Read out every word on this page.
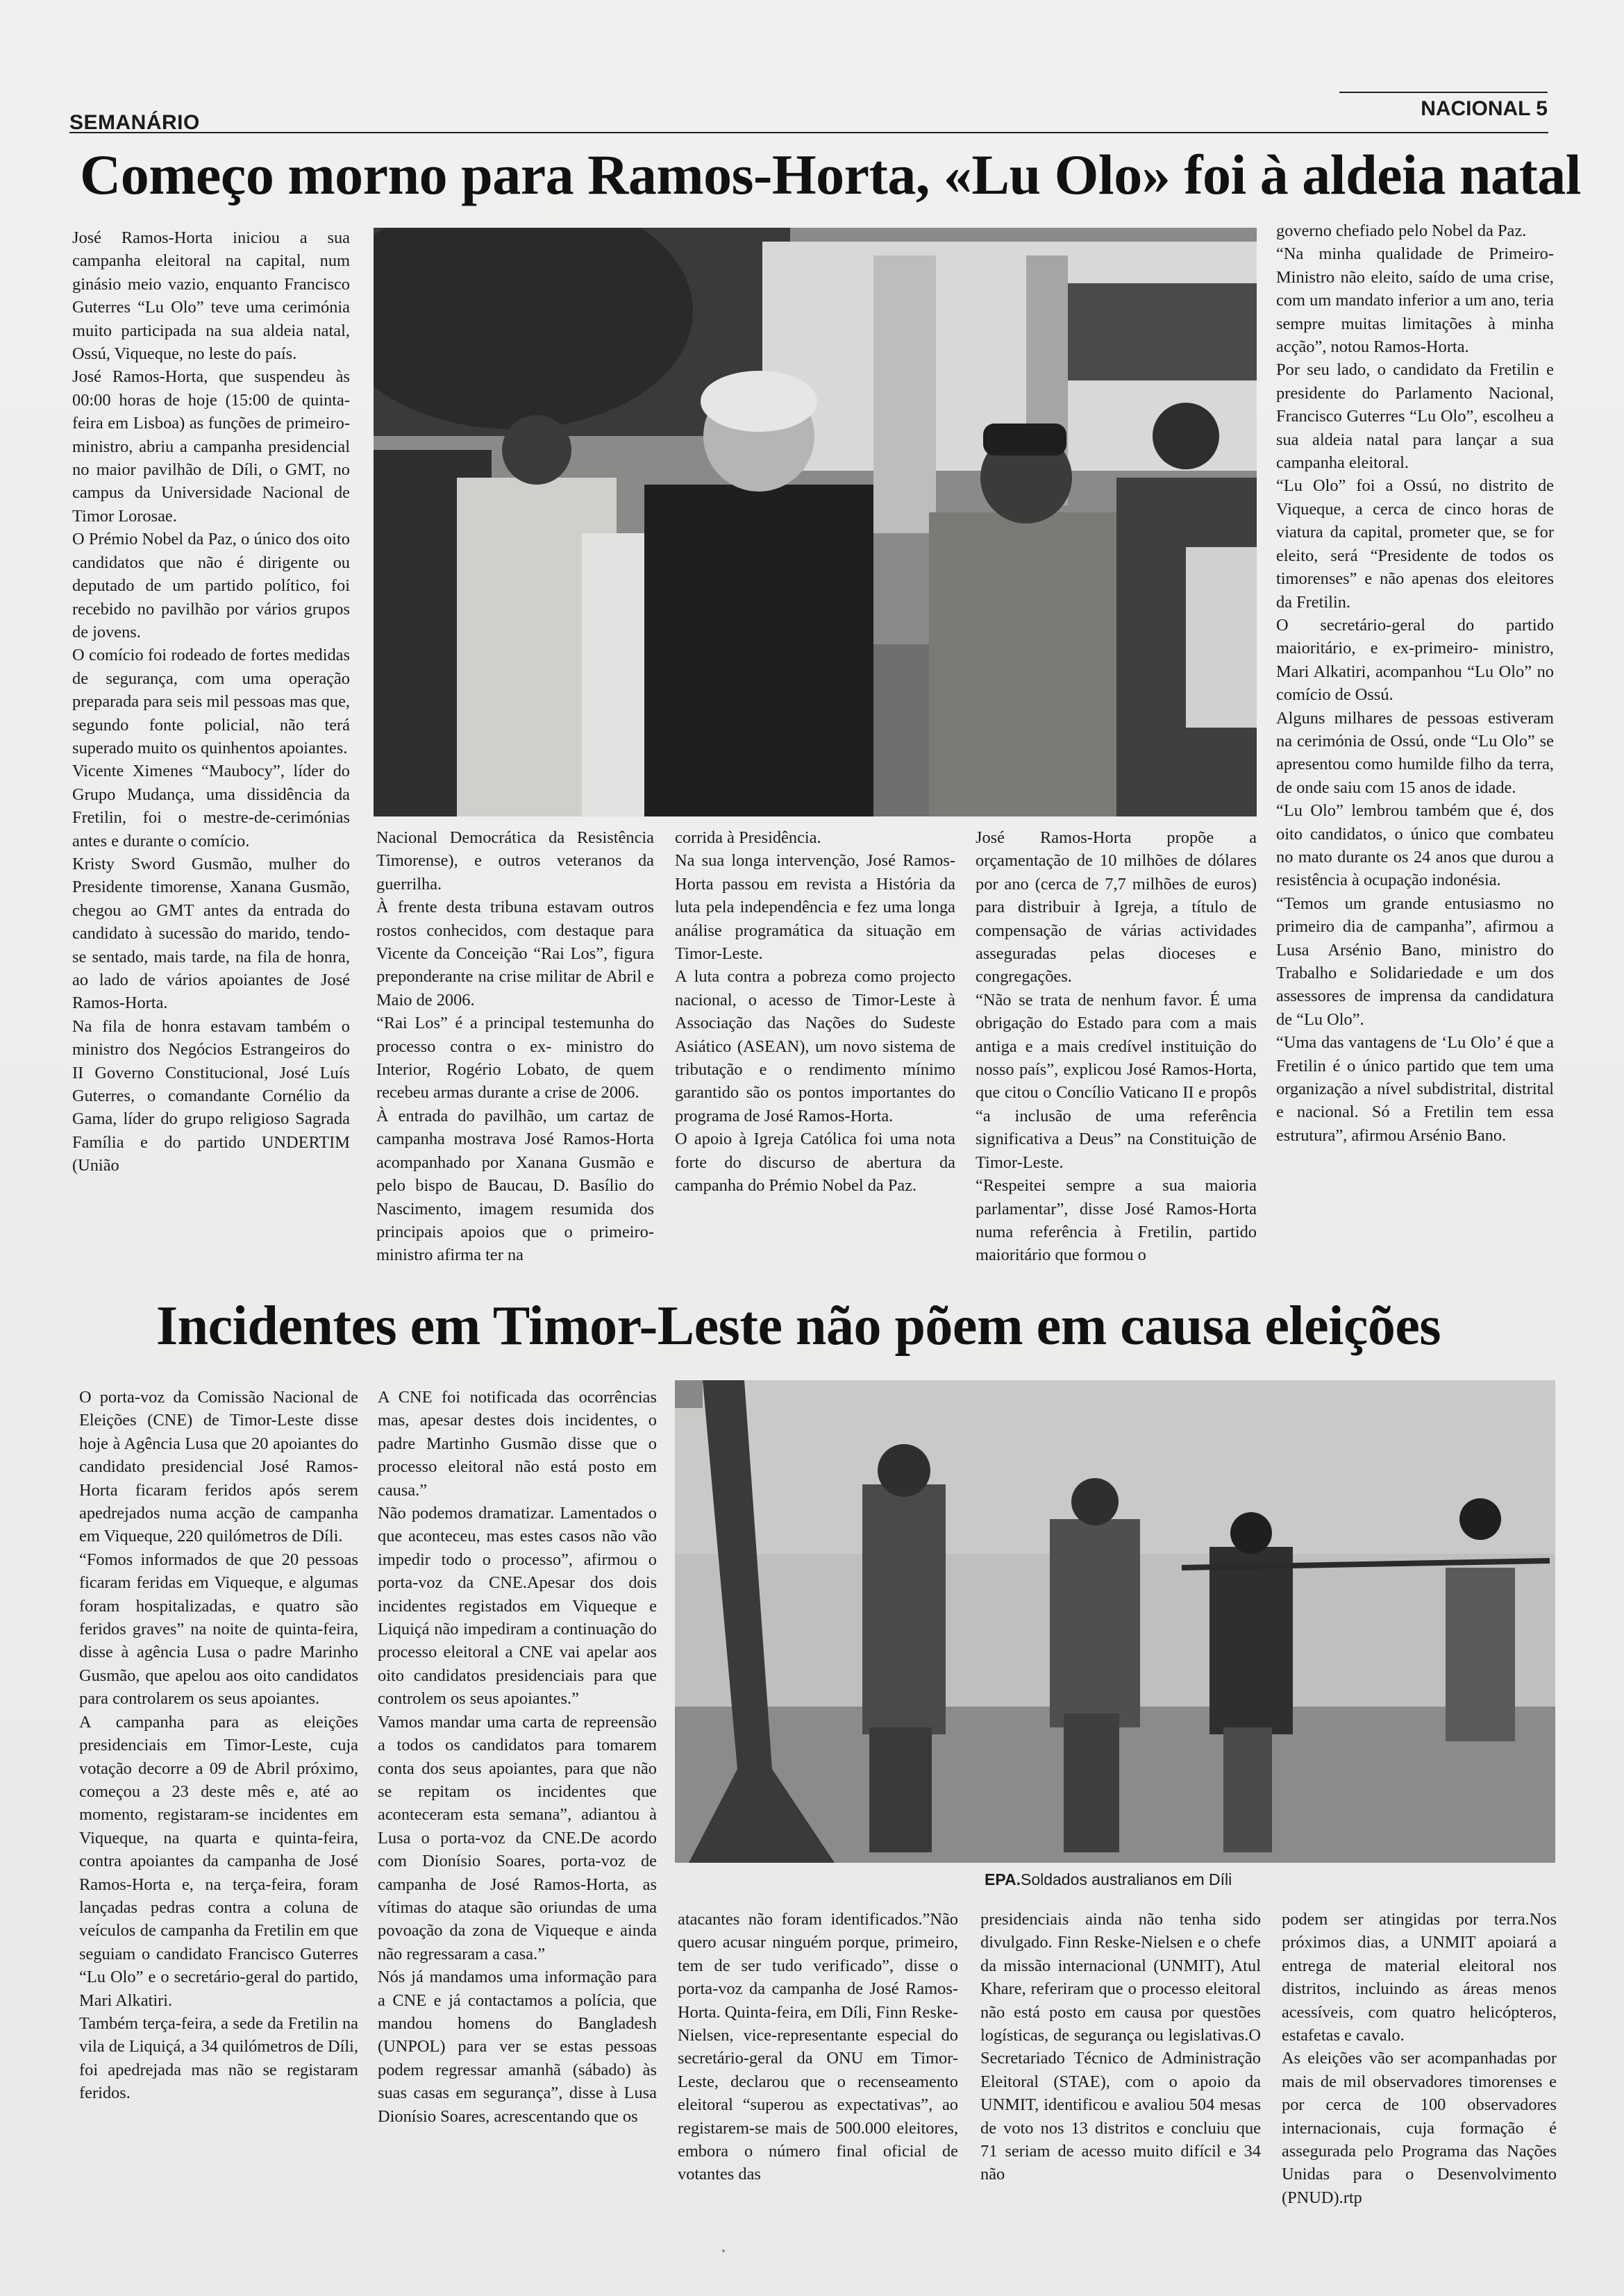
SEMANÁRIO
NACIONAL 5
Começo morno para Ramos-Horta, «Lu Olo» foi à aldeia natal

José Ramos-Horta iniciou a sua campanha eleitoral na capital, num ginásio meio vazio, enquanto Francisco Guterres “Lu Olo” teve uma cerimónia muito participada na sua aldeia natal, Ossú, Viqueque, no leste do país.

José Ramos-Horta, que suspendeu às 00:00 horas de hoje (15:00 de quinta-feira em Lisboa) as funções de primeiro-ministro, abriu a campanha presidencial no maior pavilhão de Díli, o GMT, no campus da Universidade Nacional de Timor Lorosae.

O Prémio Nobel da Paz, o único dos oito candidatos que não é dirigente ou deputado de um partido político, foi recebido no pavilhão por vários grupos de jovens.

O comício foi rodeado de fortes medidas de segurança, com uma operação preparada para seis mil pessoas mas que, segundo fonte policial, não terá superado muito os quinhentos apoiantes.

Vicente Ximenes “Maubocy”, líder do Grupo Mudança, uma dissidência da Fretilin, foi o mestre-de-cerimónias antes e durante o comício.

Kristy Sword Gusmão, mulher do Presidente timorense, Xanana Gusmão, chegou ao GMT antes da entrada do candidato à sucessão do marido, tendo-se sentado, mais tarde, na fila de honra, ao lado de vários apoiantes de José Ramos-Horta.

Na fila de honra estavam também o ministro dos Negócios Estrangeiros do II Governo Constitucional, José Luís Guterres, o comandante Cornélio da Gama, líder do grupo religioso Sagrada Família e do partido UNDERTIM (União

Nacional Democrática da Resistência Timorense), e outros veteranos da guerrilha.

À frente desta tribuna estavam outros rostos conhecidos, com destaque para Vicente da Conceição “Rai Los”, figura preponderante na crise militar de Abril e Maio de 2006.

“Rai Los” é a principal testemunha do processo contra o ex- ministro do Interior, Rogério Lobato, de quem recebeu armas durante a crise de 2006.

À entrada do pavilhão, um cartaz de campanha mostrava José Ramos-Horta acompanhado por Xanana Gusmão e pelo bispo de Baucau, D. Basílio do Nascimento, imagem resumida dos principais apoios que o primeiro-ministro afirma ter na

corrida à Presidência.

Na sua longa intervenção, José Ramos-Horta passou em revista a História da luta pela independência e fez uma longa análise programática da situação em Timor-Leste.

A luta contra a pobreza como projecto nacional, o acesso de Timor-Leste à Associação das Nações do Sudeste Asiático (ASEAN), um novo sistema de tributação e o rendimento mínimo garantido são os pontos importantes do programa de José Ramos-Horta.

O apoio à Igreja Católica foi uma nota forte do discurso de abertura da campanha do Prémio Nobel da Paz.

José Ramos-Horta propõe a orçamentação de 10 milhões de dólares por ano (cerca de 7,7 milhões de euros) para distribuir à Igreja, a título de compensação de várias actividades asseguradas pelas dioceses e congregações.

“Não se trata de nenhum favor. É uma obrigação do Estado para com a mais antiga e a mais credível instituição do nosso país”, explicou José Ramos-Horta, que citou o Concílio Vaticano II e propôs “a inclusão de uma referência significativa a Deus” na Constituição de Timor-Leste.

“Respeitei sempre a sua maioria parlamentar”, disse José Ramos-Horta numa referência à Fretilin, partido maioritário que formou o

governo chefiado pelo Nobel da Paz.

“Na minha qualidade de Primeiro-Ministro não eleito, saído de uma crise, com um mandato inferior a um ano, teria sempre muitas limitações à minha acção”, notou Ramos-Horta.

Por seu lado, o candidato da Fretilin e presidente do Parlamento Nacional, Francisco Guterres “Lu Olo”, escolheu a sua aldeia natal para lançar a sua campanha eleitoral.

“Lu Olo” foi a Ossú, no distrito de Viqueque, a cerca de cinco horas de viatura da capital, prometer que, se for eleito, será “Presidente de todos os timorenses” e não apenas dos eleitores da Fretilin.

O secretário-geral do partido maioritário, e ex-primeiro- ministro, Mari Alkatiri, acompanhou “Lu Olo” no comício de Ossú.

Alguns milhares de pessoas estiveram na cerimónia de Ossú, onde “Lu Olo” se apresentou como humilde filho da terra, de onde saiu com 15 anos de idade.

“Lu Olo” lembrou também que é, dos oito candidatos, o único que combateu no mato durante os 24 anos que durou a resistência à ocupação indonésia.

“Temos um grande entusiasmo no primeiro dia de campanha”, afirmou a Lusa Arsénio Bano, ministro do Trabalho e Solidariedade e um dos assessores de imprensa da candidatura de “Lu Olo”.

“Uma das vantagens de ‘Lu Olo’ é que a Fretilin é o único partido que tem uma organização a nível subdistrital, distrital e nacional. Só a Fretilin tem essa estrutura”, afirmou Arsénio Bano.

Incidentes em Timor-Leste não põem em causa eleições
EPA.Soldados australianos em Díli

O porta-voz da Comissão Nacional de Eleições (CNE) de Timor-Leste disse hoje à Agência Lusa que 20 apoiantes do candidato presidencial José Ramos-Horta ficaram feridos após serem apedrejados numa acção de campanha em Viqueque, 220 quilómetros de Díli.

“Fomos informados de que 20 pessoas ficaram feridas em Viqueque, e algumas foram hospitalizadas, e quatro são feridos graves” na noite de quinta-feira, disse à agência Lusa o padre Marinho Gusmão, que apelou aos oito candidatos para controlarem os seus apoiantes.

A campanha para as eleições presidenciais em Timor-Leste, cuja votação decorre a 09 de Abril próximo, começou a 23 deste mês e, até ao momento, registaram-se incidentes em Viqueque, na quarta e quinta-feira, contra apoiantes da campanha de José Ramos-Horta e, na terça-feira, foram lançadas pedras contra a coluna de veículos de campanha da Fretilin em que seguiam o candidato Francisco Guterres “Lu Olo” e o secretário-geral do partido, Mari Alkatiri.

Também terça-feira, a sede da Fretilin na vila de Liquiçá, a 34 quilómetros de Díli, foi apedrejada mas não se registaram feridos.

A CNE foi notificada das ocorrências mas, apesar destes dois incidentes, o padre Martinho Gusmão disse que o processo eleitoral não está posto em causa.”

Não podemos dramatizar. Lamentados o que aconteceu, mas estes casos não vão impedir todo o processo”, afirmou o porta-voz da CNE.Apesar dos dois incidentes registados em Viqueque e Liquiçá não impediram a continuação do processo eleitoral a CNE vai apelar aos oito candidatos presidenciais para que controlem os seus apoiantes.”

Vamos mandar uma carta de repreensão a todos os candidatos para tomarem conta dos seus apoiantes, para que não se repitam os incidentes que aconteceram esta semana”, adiantou à Lusa o porta-voz da CNE.De acordo com Dionísio Soares, porta-voz de campanha de José Ramos-Horta, as vítimas do ataque são oriundas de uma povoação da zona de Viqueque e ainda não regressaram a casa.”

Nós já mandamos uma informação para a CNE e já contactamos a polícia, que mandou homens do Bangladesh (UNPOL) para ver se estas pessoas podem regressar amanhã (sábado) às suas casas em segurança”, disse à Lusa Dionísio Soares, acrescentando que os

atacantes não foram identificados.”Não quero acusar ninguém porque, primeiro, tem de ser tudo verificado”, disse o porta-voz da campanha de José Ramos-Horta. Quinta-feira, em Díli, Finn Reske-Nielsen, vice-representante especial do secretário-geral da ONU em Timor-Leste, declarou que o recenseamento eleitoral “superou as expectativas”, ao registarem-se mais de 500.000 eleitores, embora o número final oficial de votantes das

presidenciais ainda não tenha sido divulgado. Finn Reske-Nielsen e o chefe da missão internacional (UNMIT), Atul Khare, referiram que o processo eleitoral não está posto em causa por questões logísticas, de segurança ou legislativas.O Secretariado Técnico de Administração Eleitoral (STAE), com o apoio da UNMIT, identificou e avaliou 504 mesas de voto nos 13 distritos e concluiu que 71 seriam de acesso muito difícil e 34 não

podem ser atingidas por terra.Nos próximos dias, a UNMIT apoiará a entrega de material eleitoral nos distritos, incluindo as áreas menos acessíveis, com quatro helicópteros, estafetas e cavalo.

As eleições vão ser acompanhadas por mais de mil observadores timorenses e por cerca de 100 observadores internacionais, cuja formação é assegurada pelo Programa das Nações Unidas para o Desenvolvimento (PNUD).rtp
